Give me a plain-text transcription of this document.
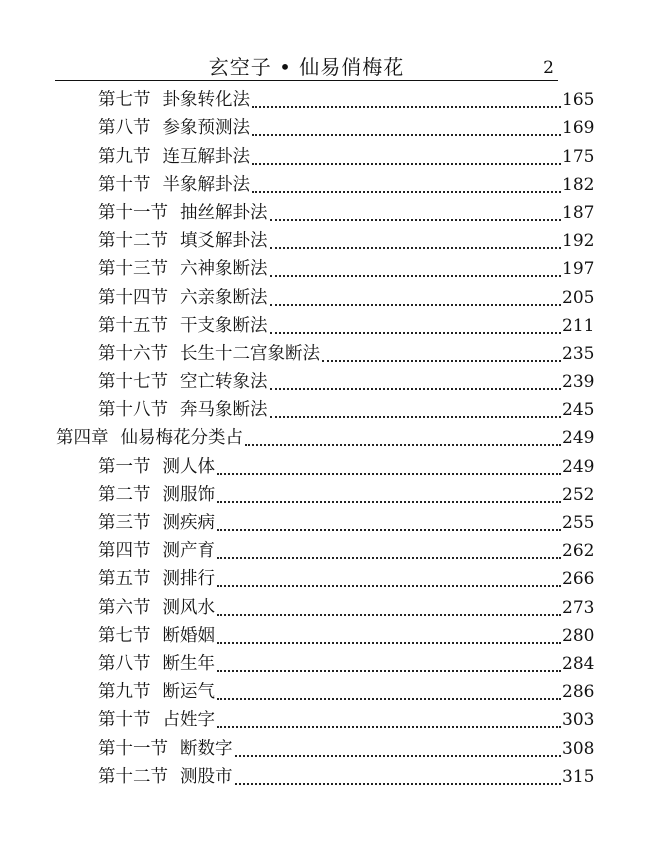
玄空子 • 仙易俏梅花	2
第七节 卦象转化法	165
第八节 参象预测法	169
第九节 连互解卦法	175
第十节 半象解卦法	182
第十一节 抽丝解卦法	187
第十二节 填爻解卦法	192
第十三节 六神象断法	197
第十四节 六亲象断法	205
第十五节 干支象断法	211
第十六节 长生十二宫象断法	235
第十七节 空亡转象法	239
第十八节 奔马象断法	245
第四章 仙易梅花分类占	249
第一节 测人体	249
第二节 测服饰	252
第三节 测疾病	255
第四节 测产育	262
第五节 测排行	266
第六节 测风水	273
第七节 断婚姻	280
第八节 断生年	284
第九节 断运气	286
第十节 占姓字	303
第十一节 断数字	308
第十二节 测股市	315
